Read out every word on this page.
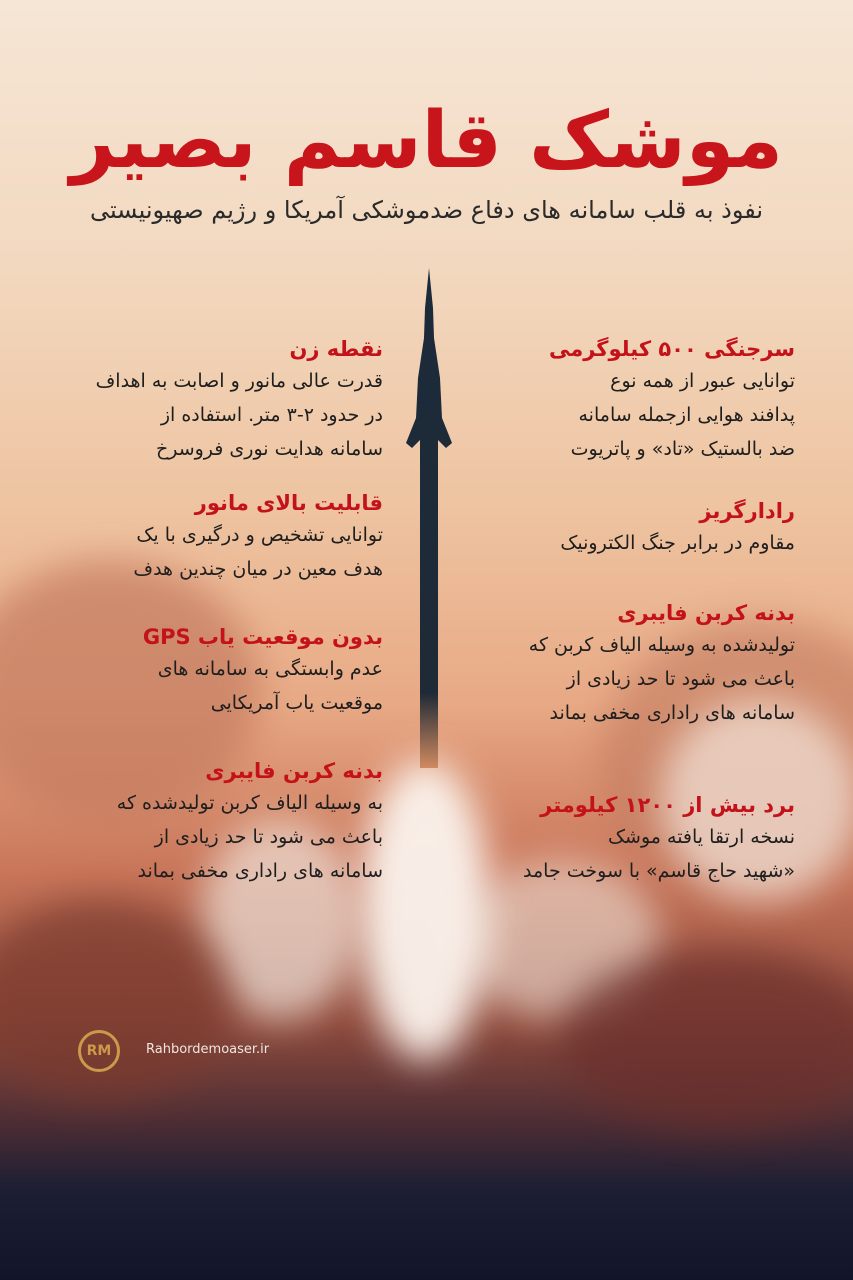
موشک قاسم بصیر
نفوذ به قلب سامانه های دفاع ضدموشکی آمریکا و رژیم صهیونیستی
سرجنگی ۵۰۰ کیلوگرمی
توانایی عبور از همه نوع
پدافند هوایی ازجمله سامانه
ضد بالستیک «تاد» و پاتریوت
رادارگریز
مقاوم در برابر جنگ الکترونیک
بدنه کربن فایبری
تولیدشده به وسیله الیاف کربن که
باعث می شود تا حد زیادی از
سامانه های راداری مخفی بماند
برد بیش از ۱۲۰۰ کیلومتر
نسخه ارتقا یافته موشک
«شهید حاج قاسم» با سوخت جامد
نقطه زن
قدرت عالی مانور و اصابت به اهداف
در حدود ۲-۳ متر. استفاده از
سامانه هدایت نوری فروسرخ
قابلیت بالای مانور
توانایی تشخیص و درگیری با یک
هدف معین در میان چندین هدف
بدون موقعیت یاب GPS
عدم وابستگی به سامانه های
موقعیت یاب آمریکایی
بدنه کربن فایبری
به وسیله الیاف کربن تولیدشده که
باعث می شود تا حد زیادی از
سامانه های راداری مخفی بماند
RM	Rahbordemoaser.ir
